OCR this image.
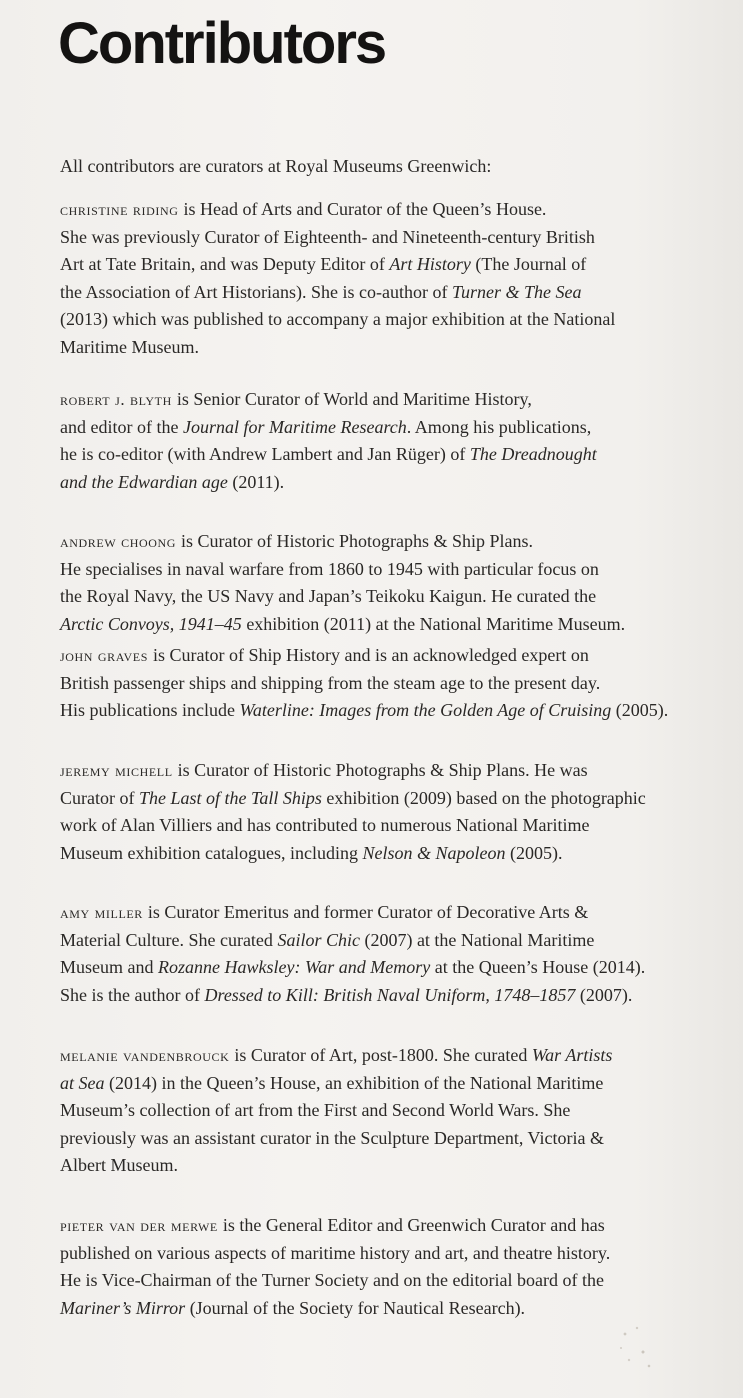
Contributors

All contributors are curators at Royal Museums Greenwich:

christine riding is Head of Arts and Curator of the Queen’s House.
She was previously Curator of Eighteenth- and Nineteenth-century British
Art at Tate Britain, and was Deputy Editor of Art History (The Journal of
the Association of Art Historians). She is co-author of Turner & The Sea
(2013) which was published to accompany a major exhibition at the National
Maritime Museum.

robert j. blyth is Senior Curator of World and Maritime History,
and editor of the Journal for Maritime Research. Among his publications,
he is co-editor (with Andrew Lambert and Jan Rüger) of The Dreadnought
and the Edwardian age (2011).

andrew choong is Curator of Historic Photographs & Ship Plans.
He specialises in naval warfare from 1860 to 1945 with particular focus on
the Royal Navy, the US Navy and Japan’s Teikoku Kaigun. He curated the
Arctic Convoys, 1941–45 exhibition (2011) at the National Maritime Museum.

john graves is Curator of Ship History and is an acknowledged expert on
British passenger ships and shipping from the steam age to the present day.
His publications include Waterline: Images from the Golden Age of Cruising (2005).

jeremy michell is Curator of Historic Photographs & Ship Plans. He was
Curator of The Last of the Tall Ships exhibition (2009) based on the photographic
work of Alan Villiers and has contributed to numerous National Maritime
Museum exhibition catalogues, including Nelson & Napoleon (2005).

amy miller is Curator Emeritus and former Curator of Decorative Arts &
Material Culture. She curated Sailor Chic (2007) at the National Maritime
Museum and Rozanne Hawksley: War and Memory at the Queen’s House (2014).
She is the author of Dressed to Kill: British Naval Uniform, 1748–1857 (2007).

melanie vandenbrouck is Curator of Art, post-1800. She curated War Artists
at Sea (2014) in the Queen’s House, an exhibition of the National Maritime
Museum’s collection of art from the First and Second World Wars. She
previously was an assistant curator in the Sculpture Department, Victoria &
Albert Museum.

pieter van der merwe is the General Editor and Greenwich Curator and has
published on various aspects of maritime history and art, and theatre history.
He is Vice-Chairman of the Turner Society and on the editorial board of the
Mariner’s Mirror (Journal of the Society for Nautical Research).
